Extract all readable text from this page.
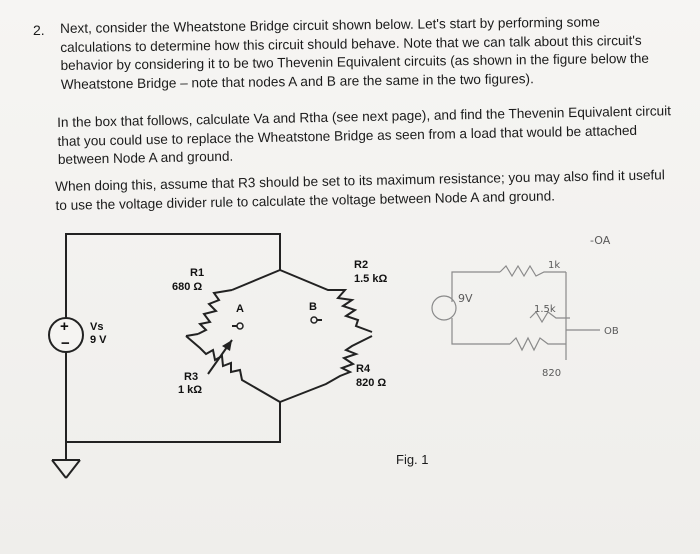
2. Next, consider the Wheatstone Bridge circuit shown below. Let's start by performing some calculations to determine how this circuit should behave. Note that we can talk about this circuit's behavior by considering it to be two Thevenin Equivalent circuits (as shown in the figure below the Wheatstone Bridge – note that nodes A and B are the same in the two figures).
In the box that follows, calculate Va and Rtha (see next page), and find the Thevenin Equivalent circuit that you could use to replace the Wheatstone Bridge as seen from a load that would be attached between Node A and ground.
When doing this, assume that R3 should be set to its maximum resistance; you may also find it useful to use the voltage divider rule to calculate the voltage between Node A and ground.
+
−
Vs
9 V
R1
680 Ω
R2
1.5 kΩ
R3
1 kΩ
R4
820 Ω
A	B
-OA
1k
9V
1.5k
OB
820
Fig. 1
